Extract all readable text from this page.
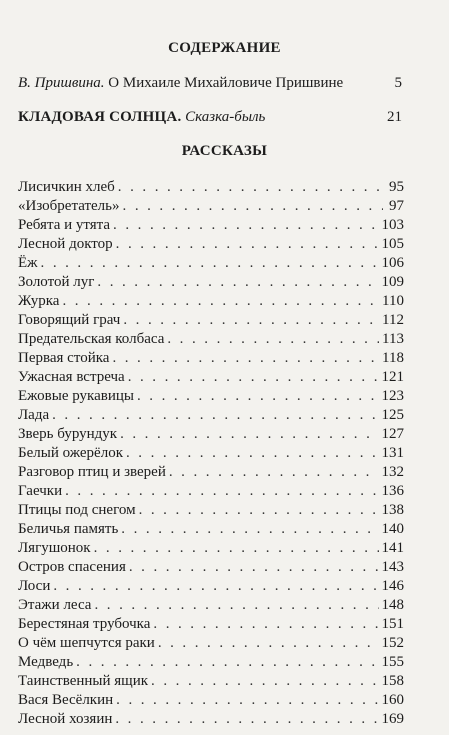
СОДЕРЖАНИЕ
В. Пришвина. О Михаиле Михайловиче Пришвине	5
КЛАДОВАЯ СОЛНЦА. Сказка-быль	21
РАССКАЗЫ
Лисичкин хлеб . . .	95
«Изобретатель» . . .	97
Ребята и утята . . .	103
Лесной доктор . . .	105
Ёж . . .	106
Золотой луг . . .	109
Журка . . .	110
Говорящий грач . . .	112
Предательская колбаса . . .	113
Первая стойка . . .	118
Ужасная встреча . . .	121
Ежовые рукавицы . . .	123
Лада . . .	125
Зверь бурундук . . .	127
Белый ожерёлок . . .	131
Разговор птиц и зверей . . .	132
Гаечки . . .	136
Птицы под снегом . . .	138
Беличья память . . .	140
Лягушонок . . .	141
Остров спасения . . .	143
Лоси . . .	146
Этажи леса . . .	148
Берестяная трубочка . . .	151
О чём шепчутся раки . . .	152
Медведь . . .	155
Таинственный ящик . . .	158
Вася Весёлкин . . .	160
Лесной хозяин . . .	169
